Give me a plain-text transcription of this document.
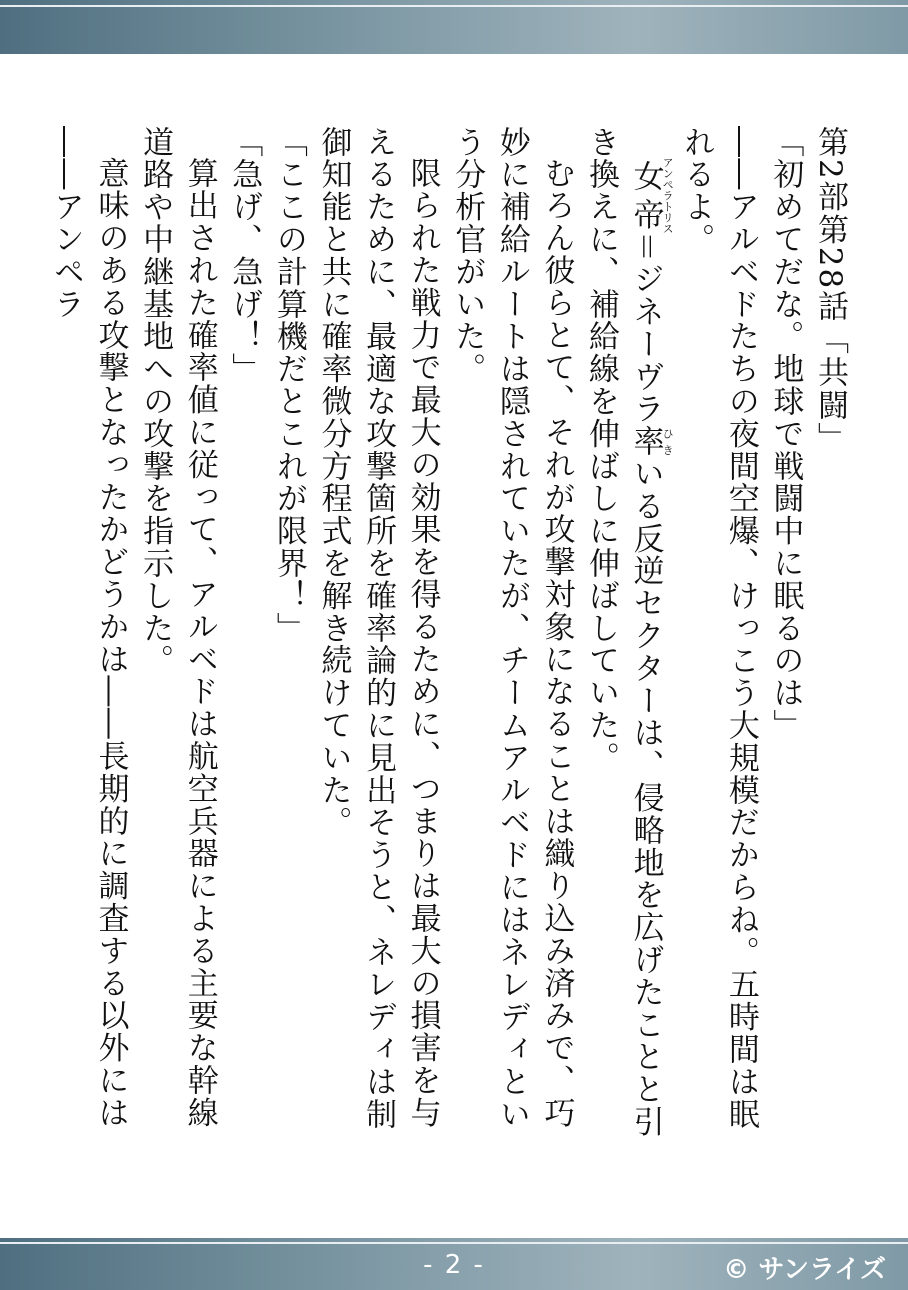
第2部第28話「共闘」

「初めてだな。地球で戦闘中に眠るのは」

――アルベドたちの夜間空爆、けっこう大規模だからね。五時間は眠れるよ。

女帝アンペラトリス＝ジネーヴラ率ひきいる反逆セクターは、侵略地を広げたことと引き換えに、補給線を伸ばしに伸ばしていた。

むろん彼らとて、それが攻撃対象になることは織り込み済みで、巧妙に補給ルートは隠されていたが、チームアルベドにはネレディという分析官がいた。

限られた戦力で最大の効果を得るために、つまりは最大の損害を与えるために、最適な攻撃箇所を確率論的に見出そうと、ネレディは制御知能と共に確率微分方程式を解き続けていた。

「ここの計算機だとこれが限界！」

「急げ、急げ！」

算出された確率値に従って、アルベドは航空兵器による主要な幹線道路や中継基地への攻撃を指示した。

意味のある攻撃となったかどうかは――長期的に調査する以外には――アンペラ

- 2 -	© サンライズ
